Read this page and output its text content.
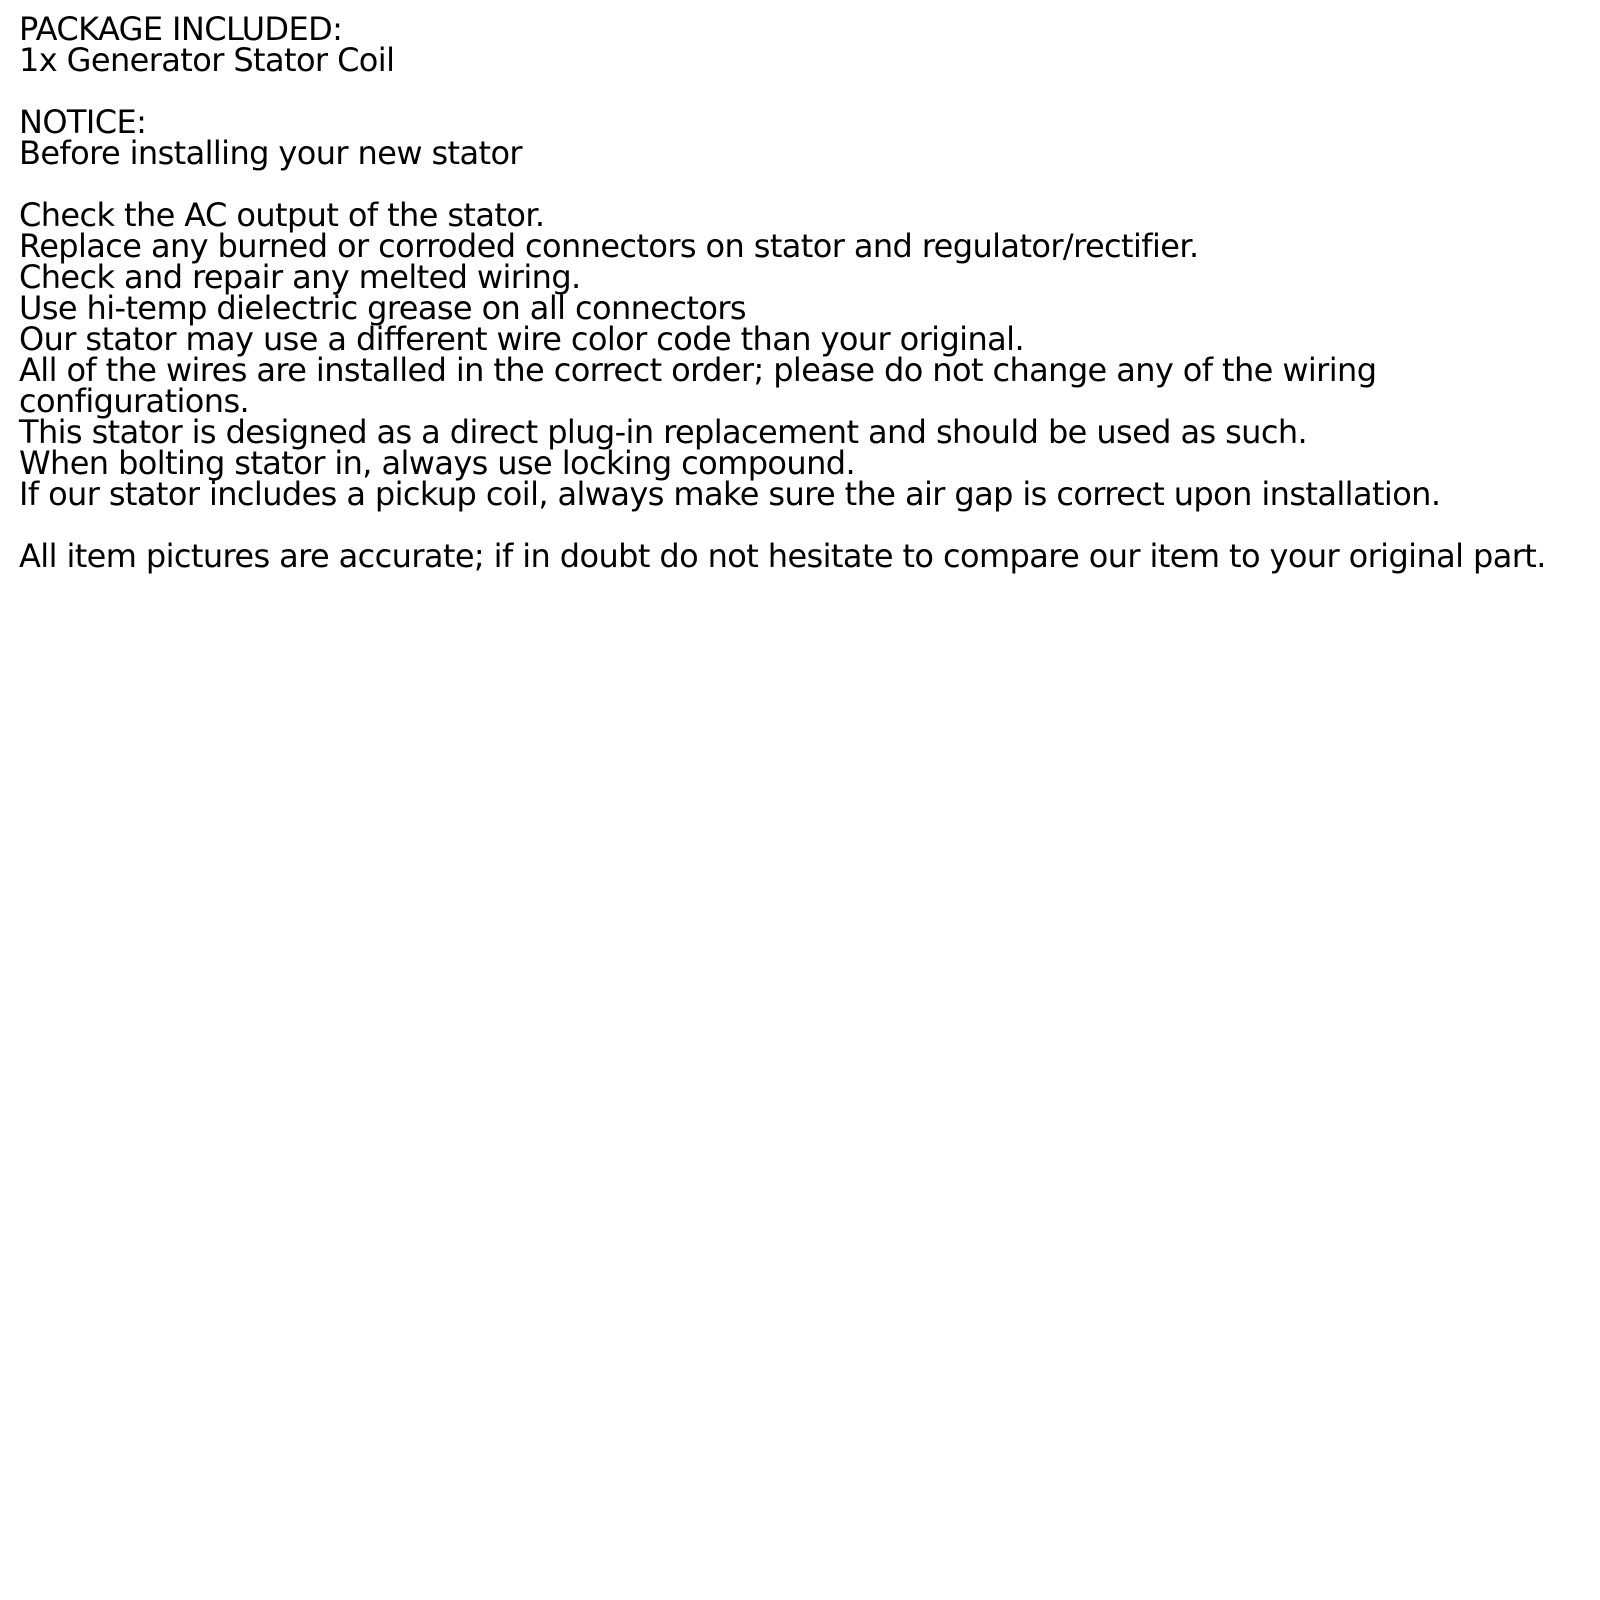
PACKAGE INCLUDED:
1x Generator Stator Coil
NOTICE:
Before installing your new stator
Check the AC output of the stator.
Replace any burned or corroded connectors on stator and regulator/rectifier.
Check and repair any melted wiring.
Use hi-temp dielectric grease on all connectors
Our stator may use a different wire color code than your original.
All of the wires are installed in the correct order; please do not change any of the wiring configurations.
This stator is designed as a direct plug-in replacement and should be used as such.
When bolting stator in, always use locking compound.
If our stator includes a pickup coil, always make sure the air gap is correct upon installation.
All item pictures are accurate; if in doubt do not hesitate to compare our item to your original part.
